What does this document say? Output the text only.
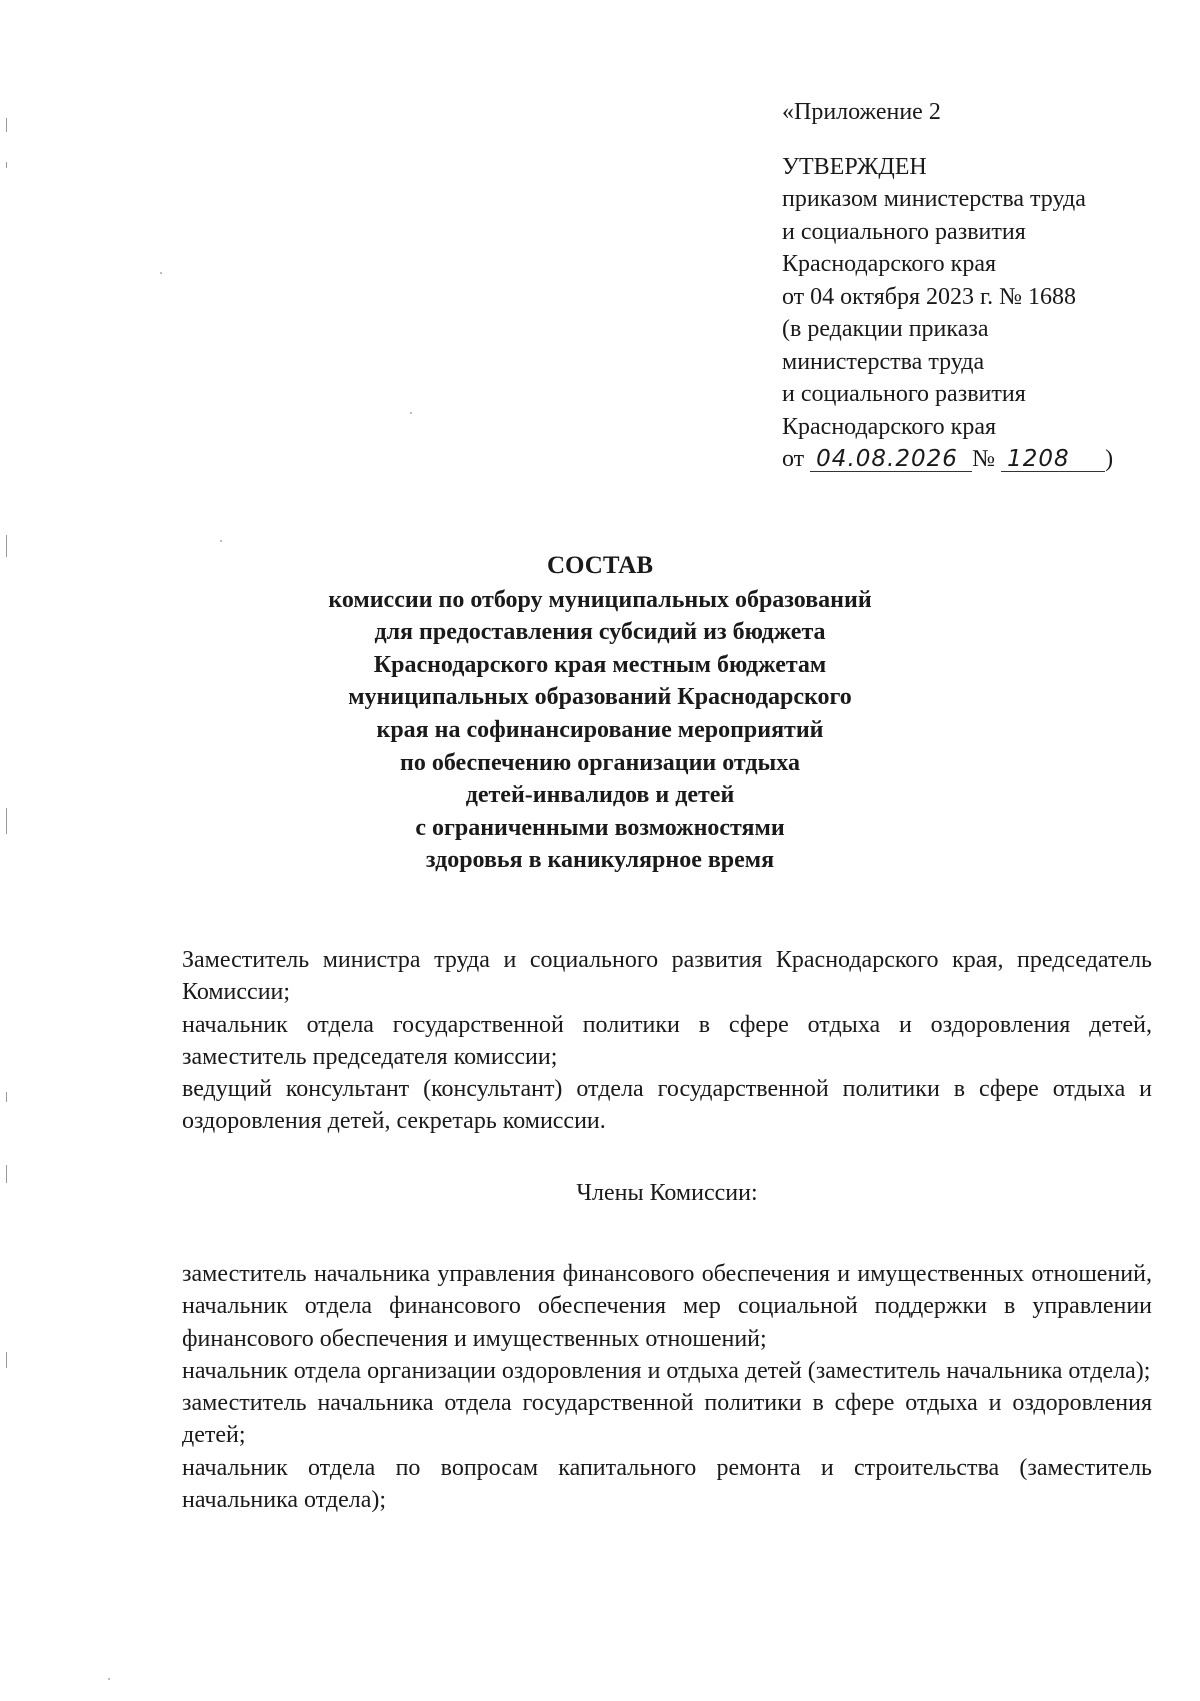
«Приложение 2
УТВЕРЖДЕН
приказом министерства труда
и социального развития
Краснодарского края
от 04 октября 2023 г. № 1688
(в редакции приказа
министерства труда
и социального развития
Краснодарского края
от 04.08.2026 № 1208 )
СОСТАВ
комиссии по отбору муниципальных образований
для предоставления субсидий из бюджета
Краснодарского края местным бюджетам
муниципальных образований Краснодарского
края на софинансирование мероприятий
по обеспечению организации отдыха
детей-инвалидов и детей
с ограниченными возможностями
здоровья в каникулярное время

Заместитель министра труда и социального развития Краснодарского края, председатель Комиссии;

начальник отдела государственной политики в сфере отдыха и оздоровления детей, заместитель председателя комиссии;

ведущий консультант (консультант) отдела государственной политики в сфере отдыха и оздоровления детей, секретарь комиссии.

Члены Комиссии:

заместитель начальника управления финансового обеспечения и имущественных отношений, начальник отдела финансового обеспечения мер социальной поддержки в управлении финансового обеспечения и имущественных отношений;

начальник отдела организации оздоровления и отдыха детей (заместитель начальника отдела);

заместитель начальника отдела государственной политики в сфере отдыха и оздоровления детей;

начальник отдела по вопросам капитального ремонта и строительства (заместитель начальника отдела);
